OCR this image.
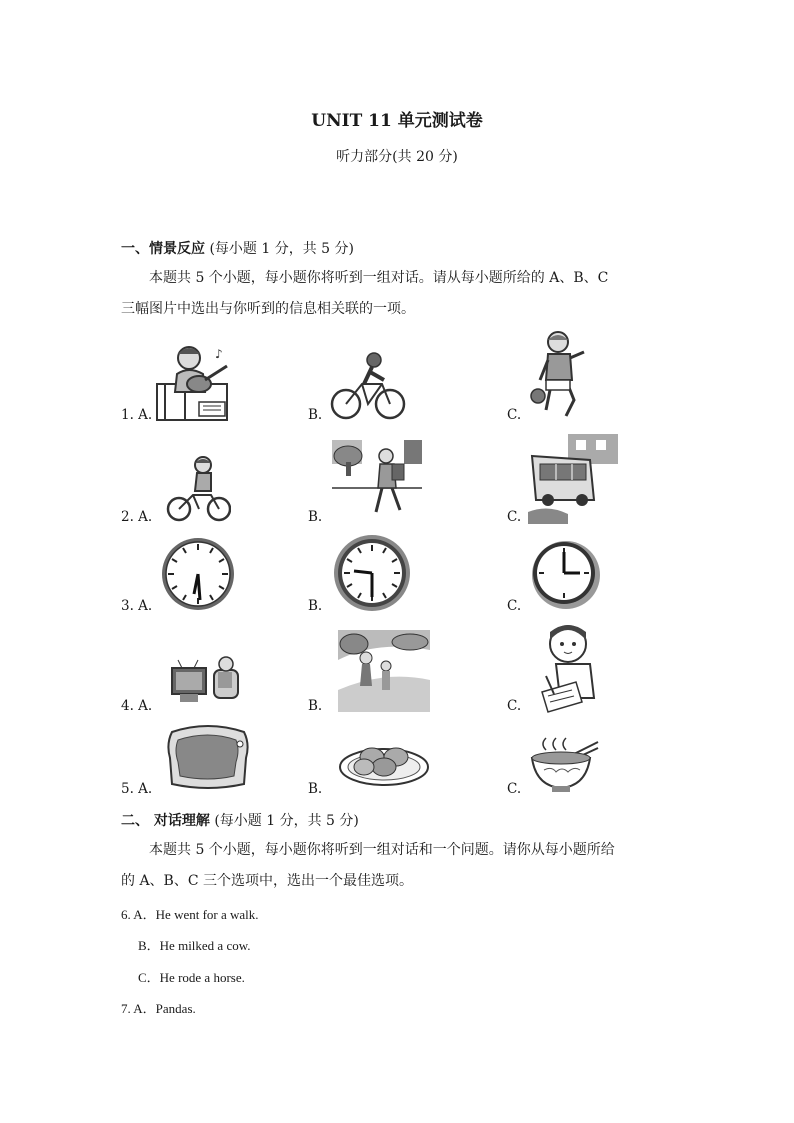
UNIT 11 单元测试卷
听力部分(共 20 分)
一、情景反应 (每小题 1 分，共 5 分)
本题共 5 个小题，每小题你将听到一组对话。请从每小题所给的 A、B、C
三幅图片中选出与你听到的信息相关联的一项。
1. A.	B.	C.
2. A.	B.	C.
3. A.	B.	C.
4. A.	B.	C.
5. A.	B.	C.
♪
二、 对话理解 (每小题 1 分，共 5 分)
本题共 5 个小题，每小题你将听到一组对话和一个问题。请你从每小题所给
的 A、B、C 三个选项中，选出一个最佳选项。
6. A．He went for a walk.
B．He milked a cow.
C．He rode a horse.
7. A．Pandas.
